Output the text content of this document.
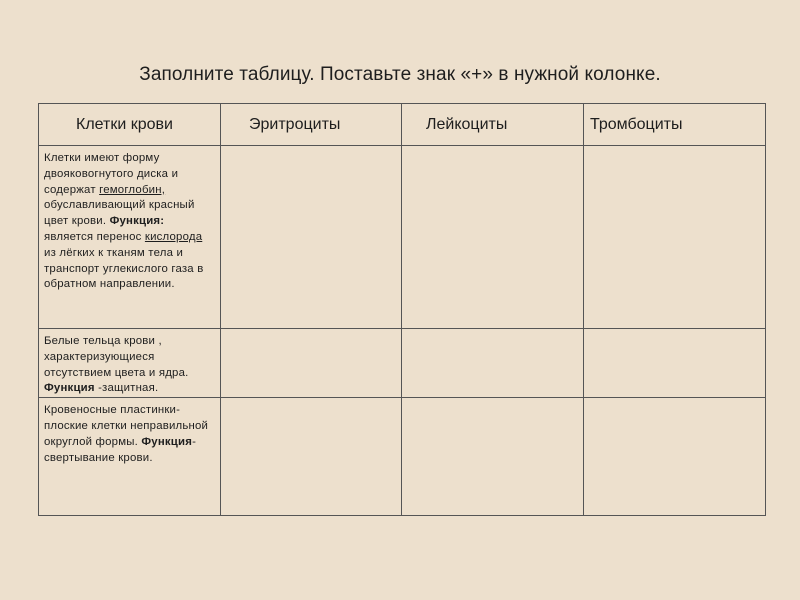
Заполните таблицу. Поставьте знак «+» в нужной колонке.
Клетки крови	Эритроциты	Лейкоциты	Тромбоциты
Клетки имеют форму двояковогнутого диска и содержат гемоглобин, обуславливающий красный цвет крови. Функция: является перенос кислорода из лёгких к тканям тела и транспорт углекислого газа в обратном направлении.			
Белые тельца крови , характеризующиеся отсутствием цвета и ядра. Функция -защитная.			
Кровеносные пластинки-плоские клетки неправильной округлой формы. Функция-свертывание крови.			
